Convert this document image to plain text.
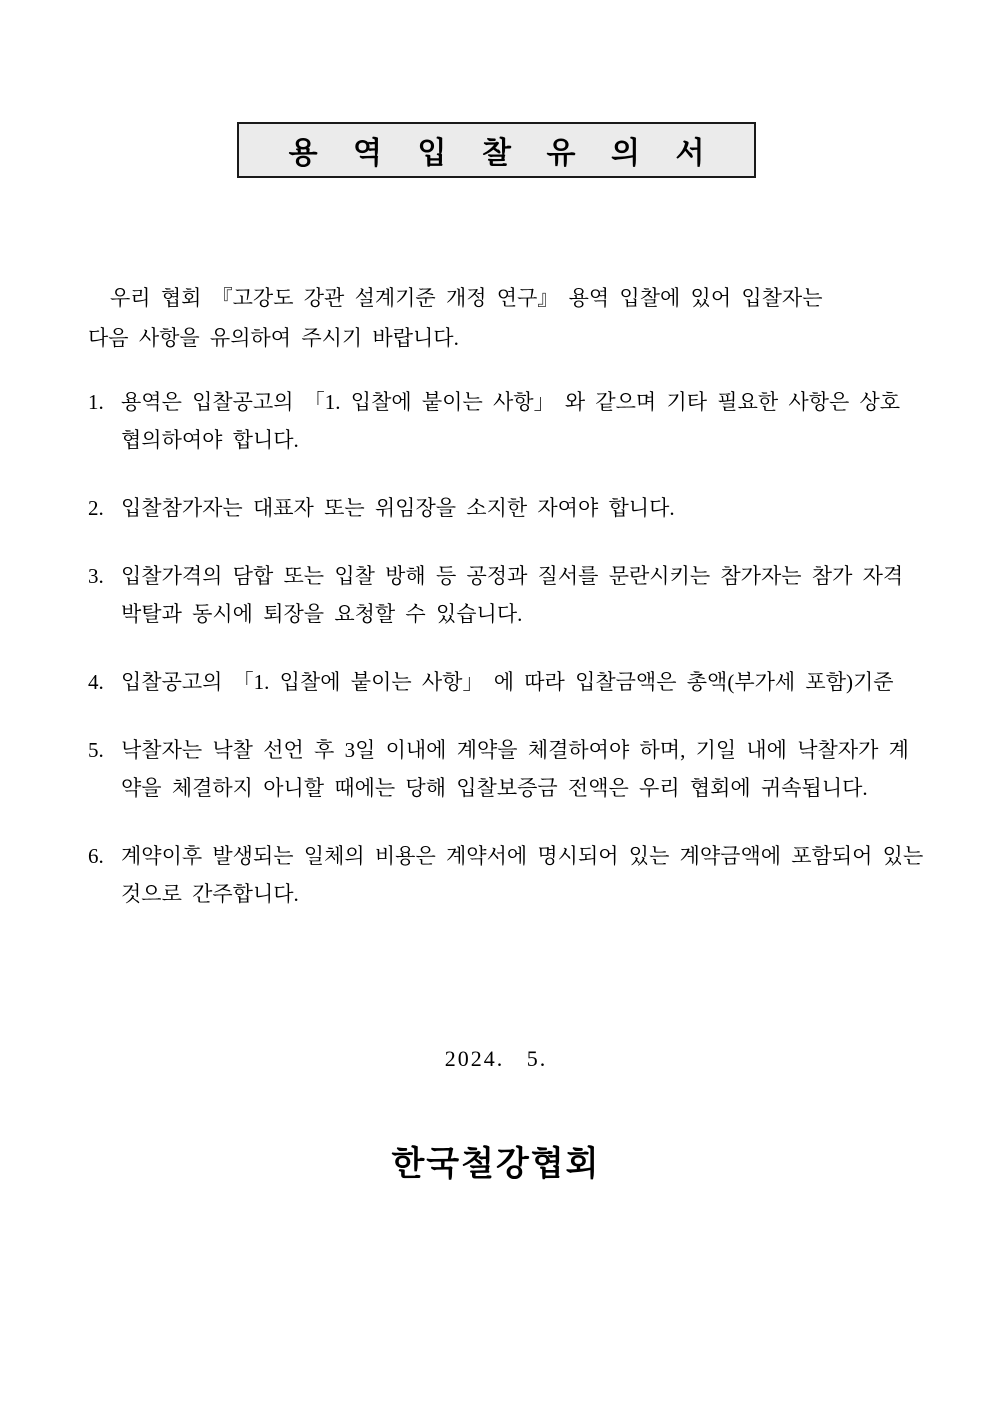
용 역 입 찰 유 의 서
우리 협회 『고강도 강관 설계기준 개정 연구』 용역 입찰에 있어 입찰자는
다음 사항을 유의하여 주시기 바랍니다.
1. 용역은 입찰공고의 「1. 입찰에 붙이는 사항」 와 같으며 기타 필요한 사항은 상호 협의하여야 합니다.
2. 입찰참가자는 대표자 또는 위임장을 소지한 자여야 합니다.
3. 입찰가격의 담합 또는 입찰 방해 등 공정과 질서를 문란시키는 참가자는 참가 자격 박탈과 동시에 퇴장을 요청할 수 있습니다.
4. 입찰공고의 「1. 입찰에 붙이는 사항」 에 따라 입찰금액은 총액(부가세 포함)기준
5. 낙찰자는 낙찰 선언 후 3일 이내에 계약을 체결하여야 하며, 기일 내에 낙찰자가 계약을 체결하지 아니할 때에는 당해 입찰보증금 전액은 우리 협회에 귀속됩니다.
6. 계약이후 발생되는 일체의 비용은 계약서에 명시되어 있는 계약금액에 포함되어 있는 것으로 간주합니다.
2024.   5.
한국철강협회
